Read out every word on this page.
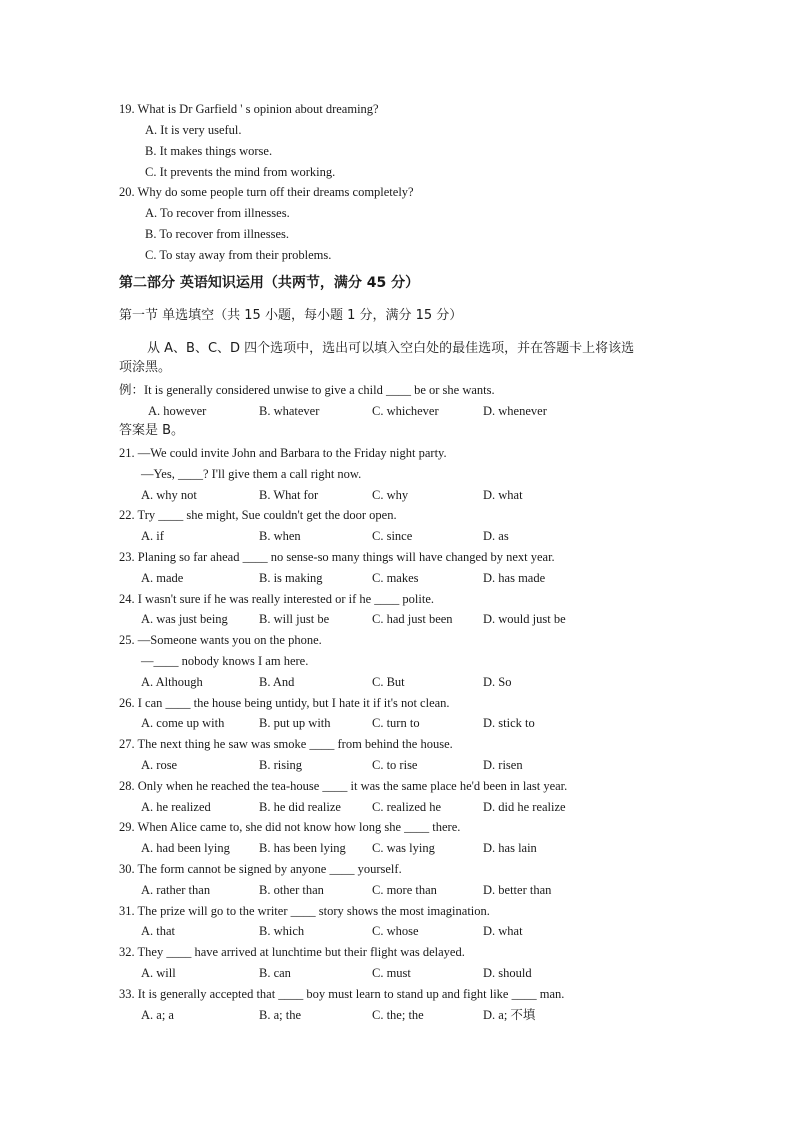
19. What is Dr Garfield ' s opinion about dreaming?
A. It is very useful.
B. It makes things worse.
C. It prevents the mind from working.
20. Why do some people turn off their dreams completely?
A. To recover from illnesses.
B. To recover from illnesses.
C. To stay away from their problems.
第二部分 英语知识运用（共两节，满分 45 分）
第一节 单选填空（共 15 小题，每小题 1 分，满分 15 分）
从 A、B、C、D 四个选项中，选出可以填入空白处的最佳选项，并在答题卡上将该选
项涂黑。
例：It is generally considered unwise to give a child ____ be or she wants.
A. however	B. whatever	C. whichever	D. whenever
答案是 B。
21. —We could invite John and Barbara to the Friday night party.
—Yes, ____? I'll give them a call right now.
A. why not	B. What for	C. why	D. what
22. Try ____ she might, Sue couldn't get the door open.
A. if	B. when	C. since	D. as
23. Planing so far ahead ____ no sense-so many things will have changed by next year.
A. made	B. is making	C. makes	D. has made
24. I wasn't sure if he was really interested or if he ____ polite.
A. was just being B. will just be	C. had just been D. would just be
25. —Someone wants you on the phone.
—____ nobody knows I am here.
A. Although	B. And	C. But	D. So
26. I can ____ the house being untidy, but I hate it if it's not clean.
A. come up with	B. put up with	C. turn to	D. stick to
27. The next thing he saw was smoke ____ from behind the house.
A. rose	B. rising	C. to rise	D. risen
28. Only when he reached the tea-house ____ it was the same place he'd been in last year.
A. he realized	B. he did realize C. realized he	D. did he realize
29. When Alice came to, she did not know how long she ____ there.
A. had been lying B. has been lying C. was lying	D. has lain
30. The form cannot be signed by anyone ____ yourself.
A. rather than	B. other than	C. more than	D. better than
31. The prize will go to the writer ____ story shows the most imagination.
A. that	B. which	C. whose	D. what
32. They ____ have arrived at lunchtime but their flight was delayed.
A. will	B. can	C. must	D. should
33. It is generally accepted that ____ boy must learn to stand up and fight like ____ man.
A. a; a	B. a; the	C. the; the	D. a; 不填
